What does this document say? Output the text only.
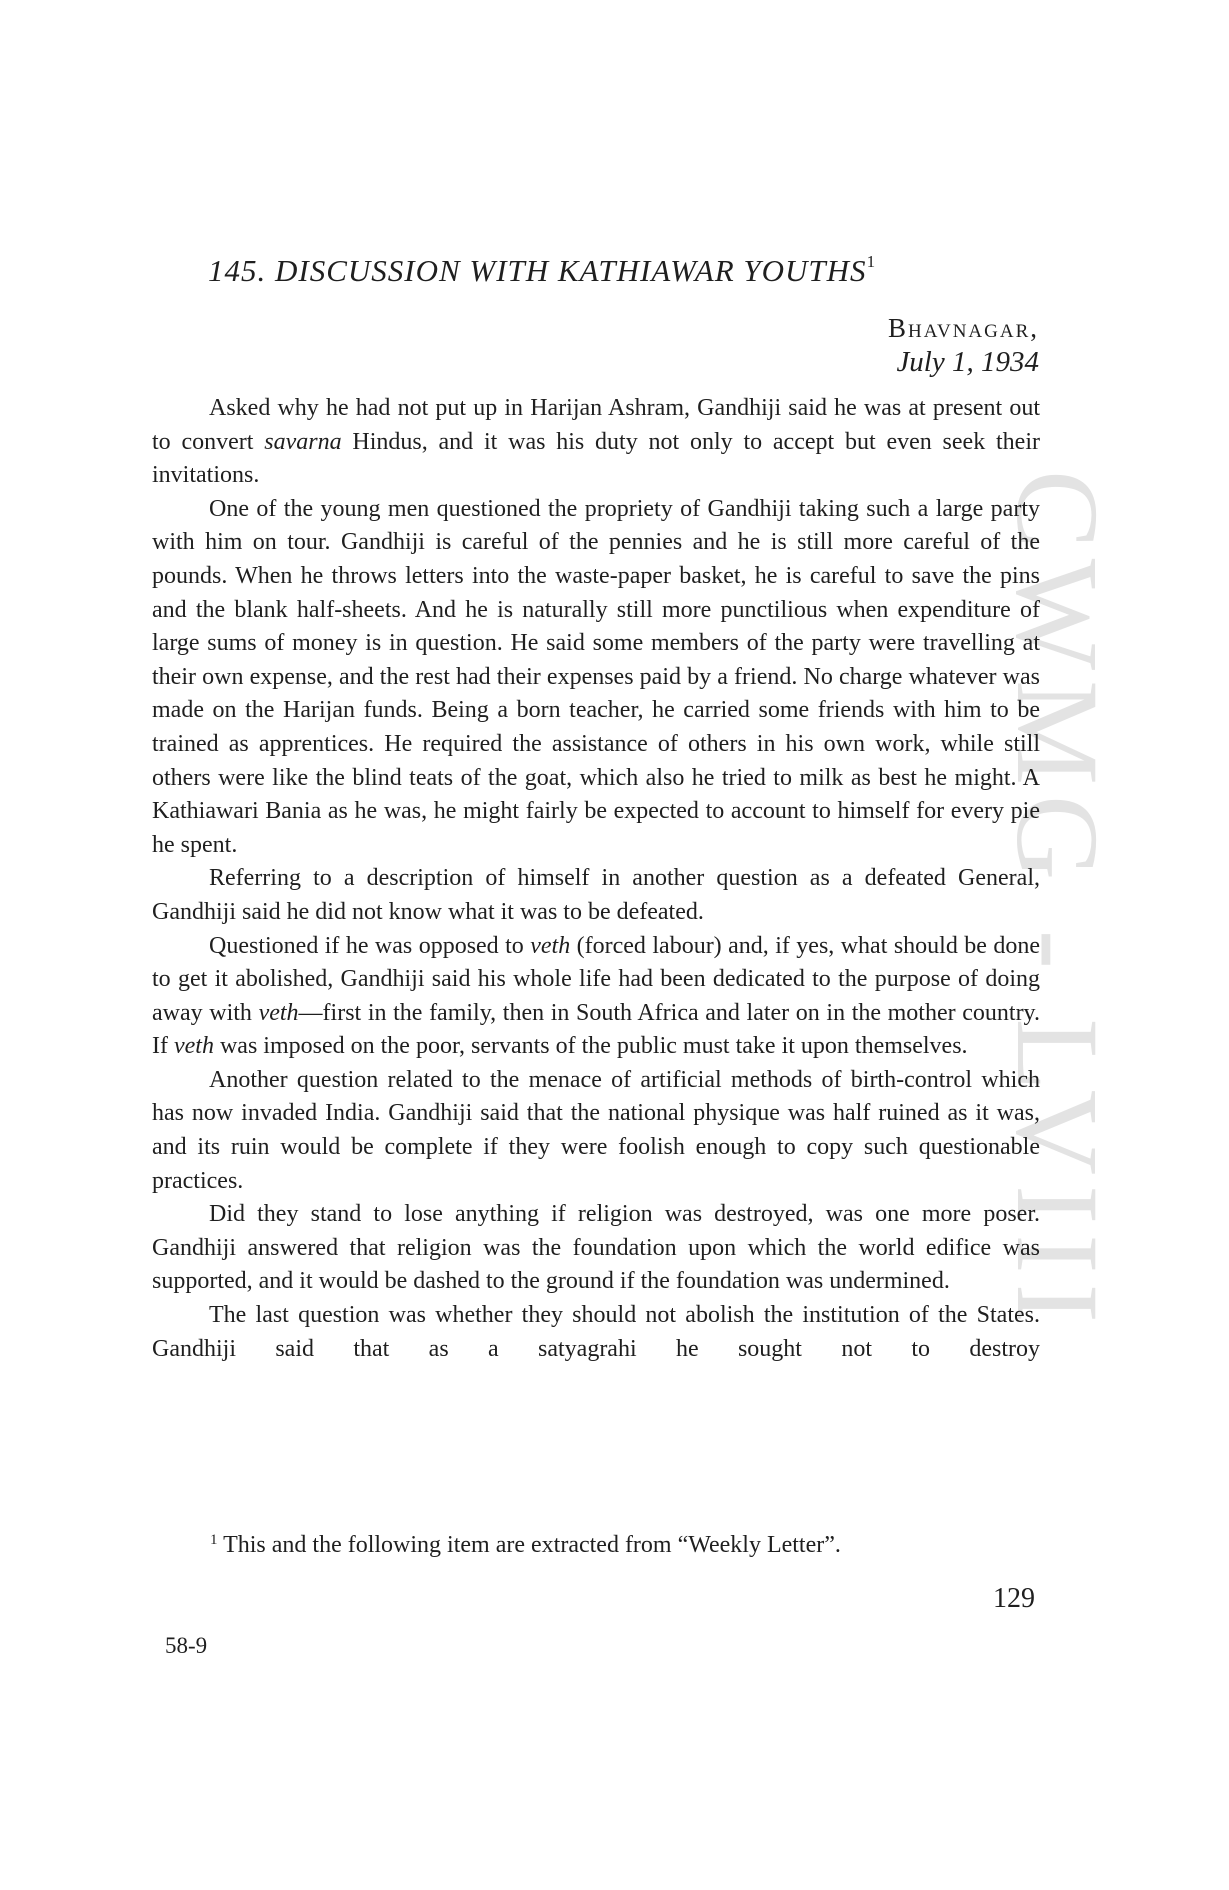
CWMG - LVIII
145. DISCUSSION WITH KATHIAWAR YOUTHS$^1$
Bhavnagar,
July 1, 1934

Asked why he had not put up in Harijan Ashram, Gandhiji said he was at present out to convert savarna Hindus, and it was his duty not only to accept but even seek their invitations.

One of the young men questioned the propriety of Gandhiji taking such a large party with him on tour. Gandhiji is careful of the pennies and he is still more careful of the pounds. When he throws letters into the waste-paper basket, he is careful to save the pins and the blank half-sheets. And he is naturally still more punctilious when expenditure of large sums of money is in question. He said some members of the party were travelling at their own expense, and the rest had their expenses paid by a friend. No charge whatever was made on the Harijan funds. Being a born teacher, he carried some friends with him to be trained as apprentices. He required the assistance of others in his own work, while still others were like the blind teats of the goat, which also he tried to milk as best he might. A Kathiawari Bania as he was, he might fairly be expected to account to himself for every pie he spent.

Referring to a description of himself in another question as a defeated General, Gandhiji said he did not know what it was to be defeated.

Questioned if he was opposed to veth (forced labour) and, if yes, what should be done to get it abolished, Gandhiji said his whole life had been dedicated to the purpose of doing away with veth—first in the family, then in South Africa and later on in the mother country. If veth was imposed on the poor, servants of the public must take it upon themselves.

Another question related to the menace of artificial methods of birth-control which has now invaded India. Gandhiji said that the national physique was half ruined as it was, and its ruin would be complete if they were foolish enough to copy such questionable practices.

Did they stand to lose anything if religion was destroyed, was one more poser. Gandhiji answered that religion was the foundation upon which the world edifice was supported, and it would be dashed to the ground if the foundation was undermined.

The last question was whether they should not abolish the institution of the States. Gandhiji said that as a satyagrahi he sought not to destroy

$^1$ This and the following item are extracted from “Weekly Letter”.
129
58-9
